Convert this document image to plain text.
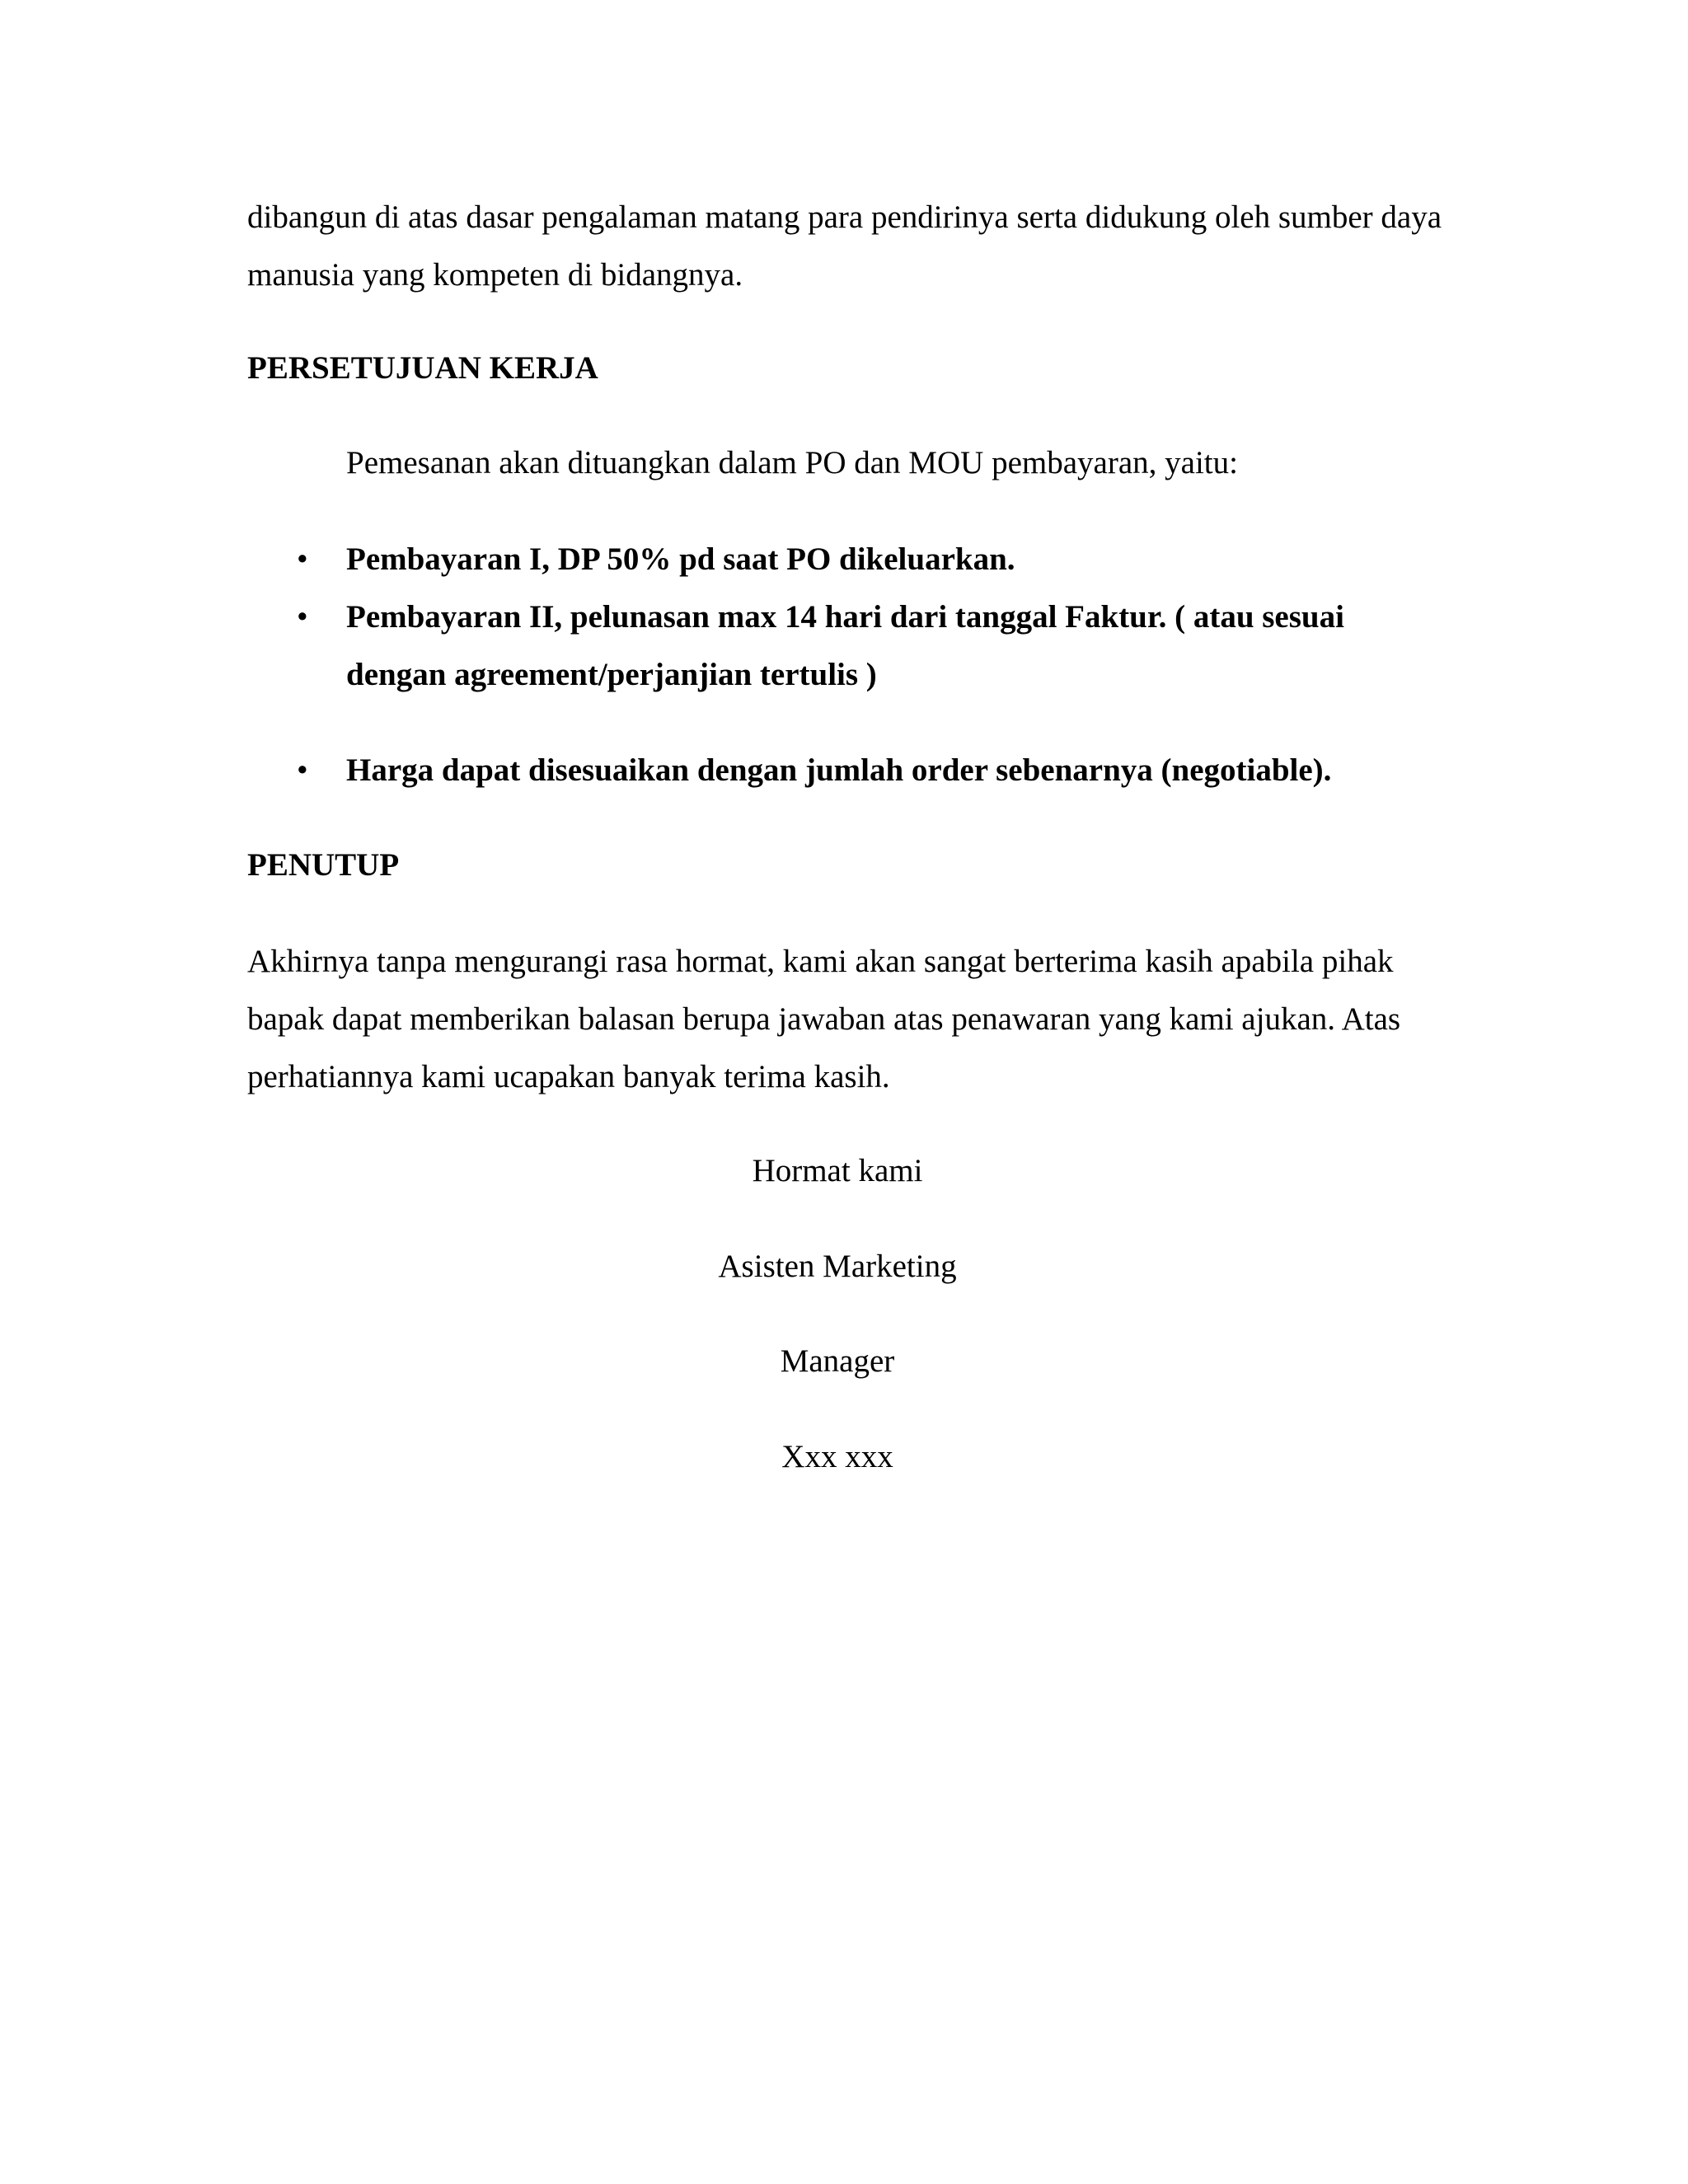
dibangun di atas dasar pengalaman matang para pendirinya serta didukung oleh sumber daya manusia yang kompeten di bidangnya.
PERSETUJUAN KERJA
Pemesanan akan dituangkan dalam PO dan MOU pembayaran, yaitu:
• Pembayaran I, DP 50% pd saat PO dikeluarkan.
• Pembayaran II, pelunasan max 14 hari dari tanggal Faktur. ( atau sesuai dengan agreement/perjanjian tertulis )
• Harga dapat disesuaikan dengan jumlah order sebenarnya (negotiable).
PENUTUP
Akhirnya tanpa mengurangi rasa hormat, kami akan sangat berterima kasih apabila pihak bapak dapat memberikan balasan berupa jawaban atas penawaran yang kami ajukan. Atas perhatiannya kami ucapakan banyak terima kasih.
Hormat kami
Asisten Marketing
Manager
Xxx xxx
